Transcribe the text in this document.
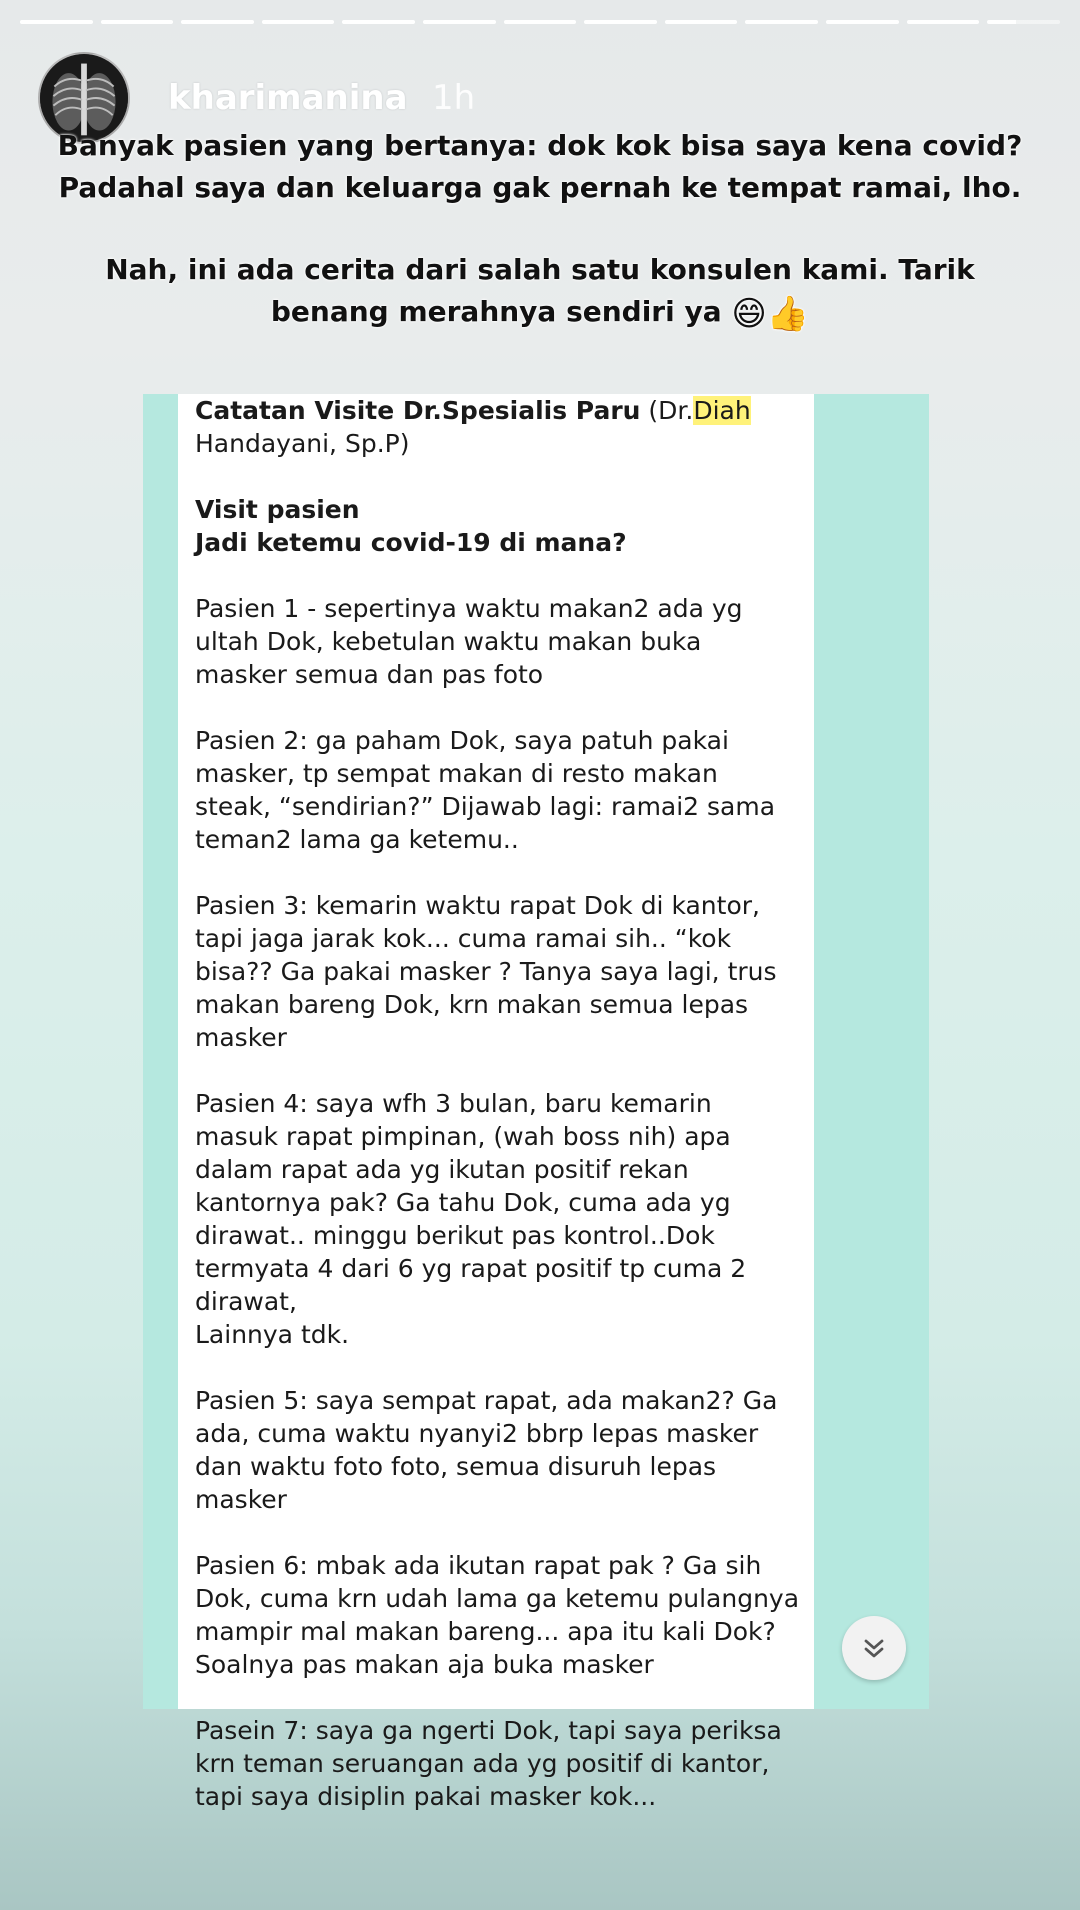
kharimanina 1h

Banyak pasien yang bertanya: dok kok bisa saya kena covid?

Padahal saya dan keluarga gak pernah ke tempat ramai, lho.

Nah, ini ada cerita dari salah satu konsulen kami. Tarik

benang merahnya sendiri ya 😄👍

Catatan Visite Dr.Spesialis Paru (Dr.Diah
Handayani, Sp.P)

Visit pasien
Jadi ketemu covid-19 di mana?

Pasien 1 - sepertinya waktu makan2 ada yg ultah Dok, kebetulan waktu makan buka masker semua dan pas foto

Pasien 2: ga paham Dok, saya patuh pakai masker, tp sempat makan di resto makan steak, “sendirian?” Dijawab lagi: ramai2 sama teman2 lama ga ketemu..

Pasien 3: kemarin waktu rapat Dok di kantor, tapi jaga jarak kok... cuma ramai sih.. “kok bisa?? Ga pakai masker ? Tanya saya lagi, trus makan bareng Dok, krn makan semua lepas masker

Pasien 4: saya wfh 3 bulan, baru kemarin masuk rapat pimpinan, (wah boss nih) apa dalam rapat ada yg ikutan positif rekan kantornya pak? Ga tahu Dok, cuma ada yg dirawat.. minggu berikut pas kontrol..Dok termyata 4 dari 6 yg rapat positif tp cuma 2 dirawat,
Lainnya tdk.

Pasien 5: saya sempat rapat, ada makan2? Ga ada, cuma waktu nyanyi2 bbrp lepas masker dan waktu foto foto, semua disuruh lepas masker

Pasien 6: mbak ada ikutan rapat pak ? Ga sih Dok, cuma krn udah lama ga ketemu pulangnya mampir mal makan bareng... apa itu kali Dok? Soalnya pas makan aja buka masker

Pasein 7: saya ga ngerti Dok, tapi saya periksa krn teman seruangan ada yg positif di kantor, tapi saya disiplin pakai masker kok...
